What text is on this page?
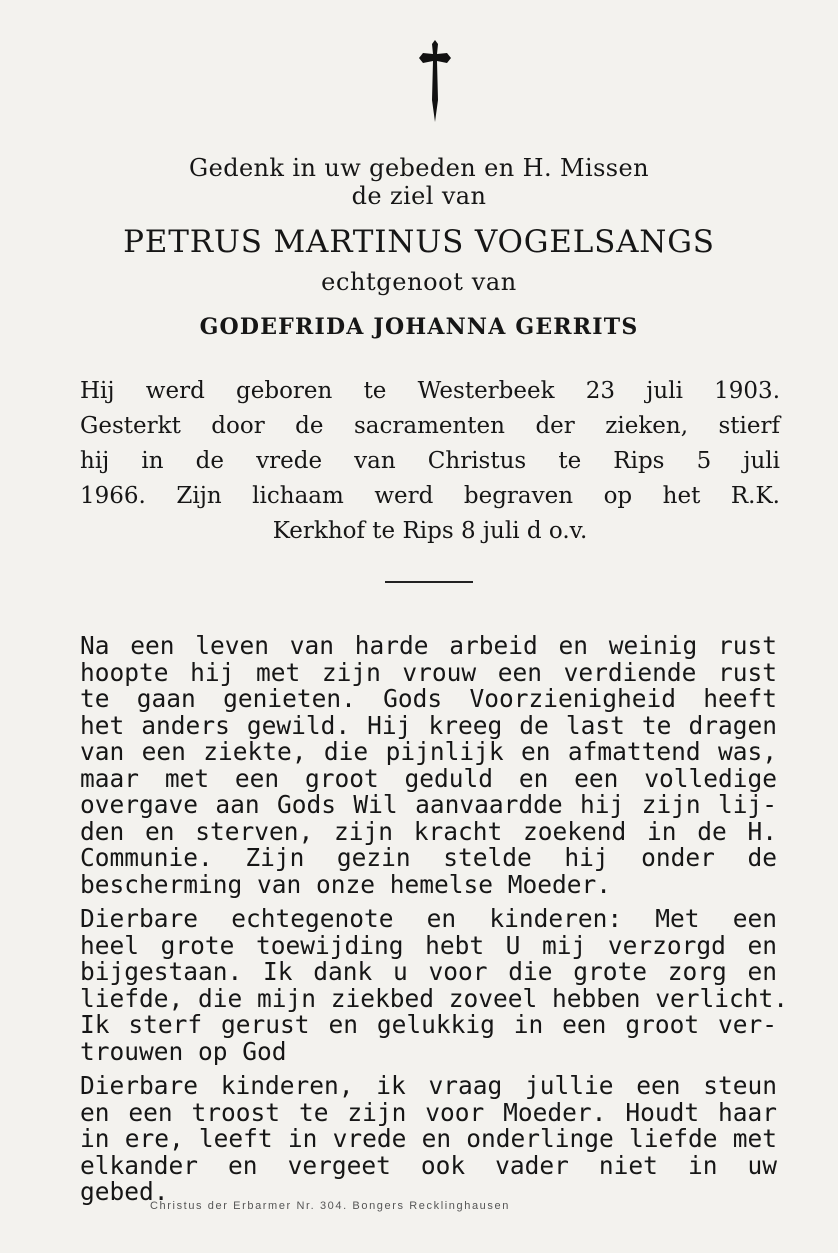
Gedenk in uw gebeden en H. Missen
de ziel van
PETRUS MARTINUS VOGELSANGS
echtgenoot van
GODEFRIDA JOHANNA GERRITS
Hij werd geboren te Westerbeek 23 juli 1903.
Gesterkt door de sacramenten der zieken, stierf
hij in de vrede van Christus te Rips 5 juli
1966. Zijn lichaam werd begraven op het R.K.
Kerkhof te Rips 8 juli d o.v.
Na een leven van harde arbeid en weinig rust
hoopte hij met zijn vrouw een verdiende rust
te gaan genieten. Gods Voorzienigheid heeft
het anders gewild. Hij kreeg de last te dragen
van een ziekte, die pijnlijk en afmattend was,
maar met een groot geduld en een volledige
overgave aan Gods Wil aanvaardde hij zijn lij-
den en sterven, zijn kracht zoekend in de H.
Communie. Zijn gezin stelde hij onder de
bescherming van onze hemelse Moeder.
Dierbare echtegenote en kinderen: Met een
heel grote toewijding hebt U mij verzorgd en
bijgestaan. Ik dank u voor die grote zorg en
liefde, die mijn ziekbed zoveel hebben verlicht.
Ik sterf gerust en gelukkig in een groot ver-
trouwen op God
Dierbare kinderen, ik vraag jullie een steun
en een troost te zijn voor Moeder. Houdt haar
in ere, leeft in vrede en onderlinge liefde met
elkander en vergeet ook vader niet in uw
gebed.
Christus der Erbarmer Nr. 304. Bongers Recklinghausen
